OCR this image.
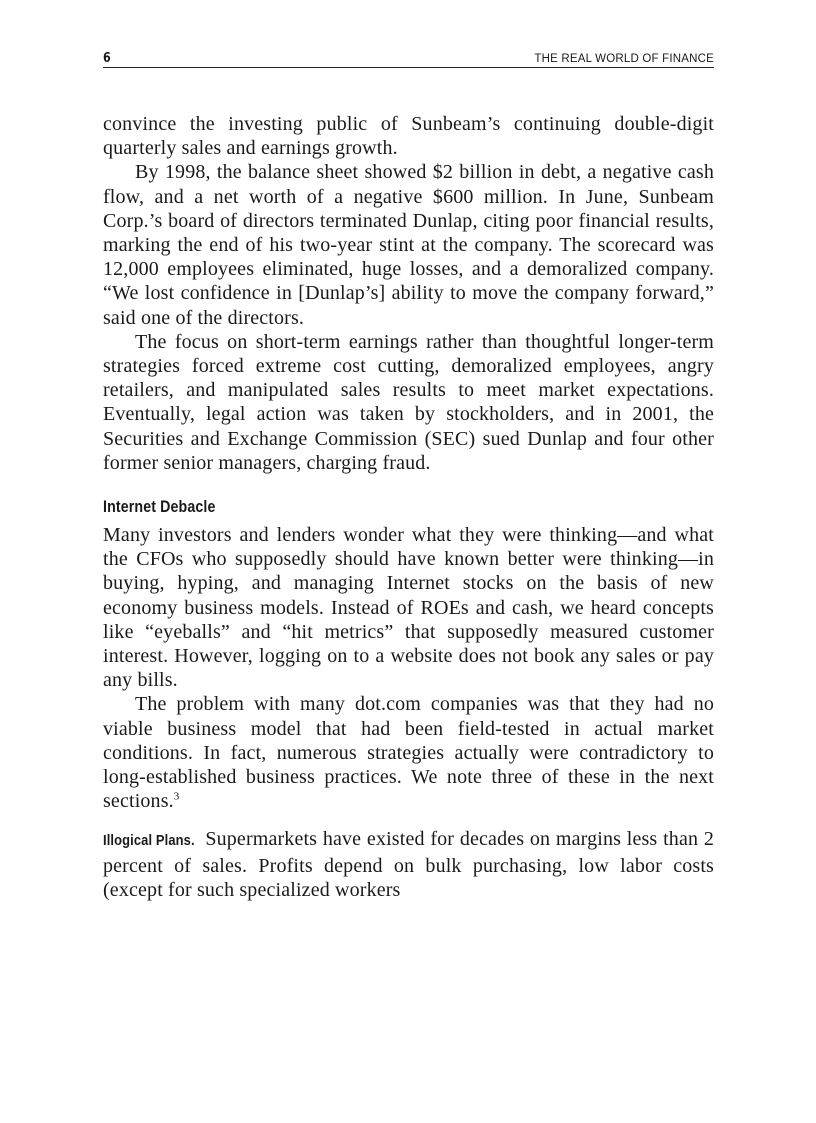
6	THE REAL WORLD OF FINANCE

convince the investing public of Sunbeam’s continuing double-digit quarterly sales and earnings growth.

By 1998, the balance sheet showed $2 billion in debt, a negative cash flow, and a net worth of a negative $600 million. In June, Sunbeam Corp.’s board of directors terminated Dunlap, citing poor financial results, marking the end of his two-year stint at the company. The scorecard was 12,000 employees eliminated, huge losses, and a demoralized company. “We lost confidence in [Dunlap’s] ability to move the company forward,” said one of the directors.

The focus on short-term earnings rather than thoughtful longer-term strategies forced extreme cost cutting, demoralized employees, angry retailers, and manipulated sales results to meet market expectations. Eventually, legal action was taken by stockholders, and in 2001, the Securities and Exchange Commission (SEC) sued Dunlap and four other former senior managers, charging fraud.

Internet Debacle

Many investors and lenders wonder what they were thinking—and what the CFOs who supposedly should have known better were thinking—in buying, hyping, and managing Internet stocks on the basis of new economy business models. Instead of ROEs and cash, we heard concepts like “eyeballs” and “hit metrics” that supposedly measured customer interest. However, logging on to a website does not book any sales or pay any bills.

The problem with many dot.com companies was that they had no viable business model that had been field-tested in actual market conditions. In fact, numerous strategies actually were contradictory to long-established business practices. We note three of these in the next sections.$^3$

Illogical Plans. Supermarkets have existed for decades on margins less than 2 percent of sales. Profits depend on bulk purchasing, low labor costs (except for such specialized workers
